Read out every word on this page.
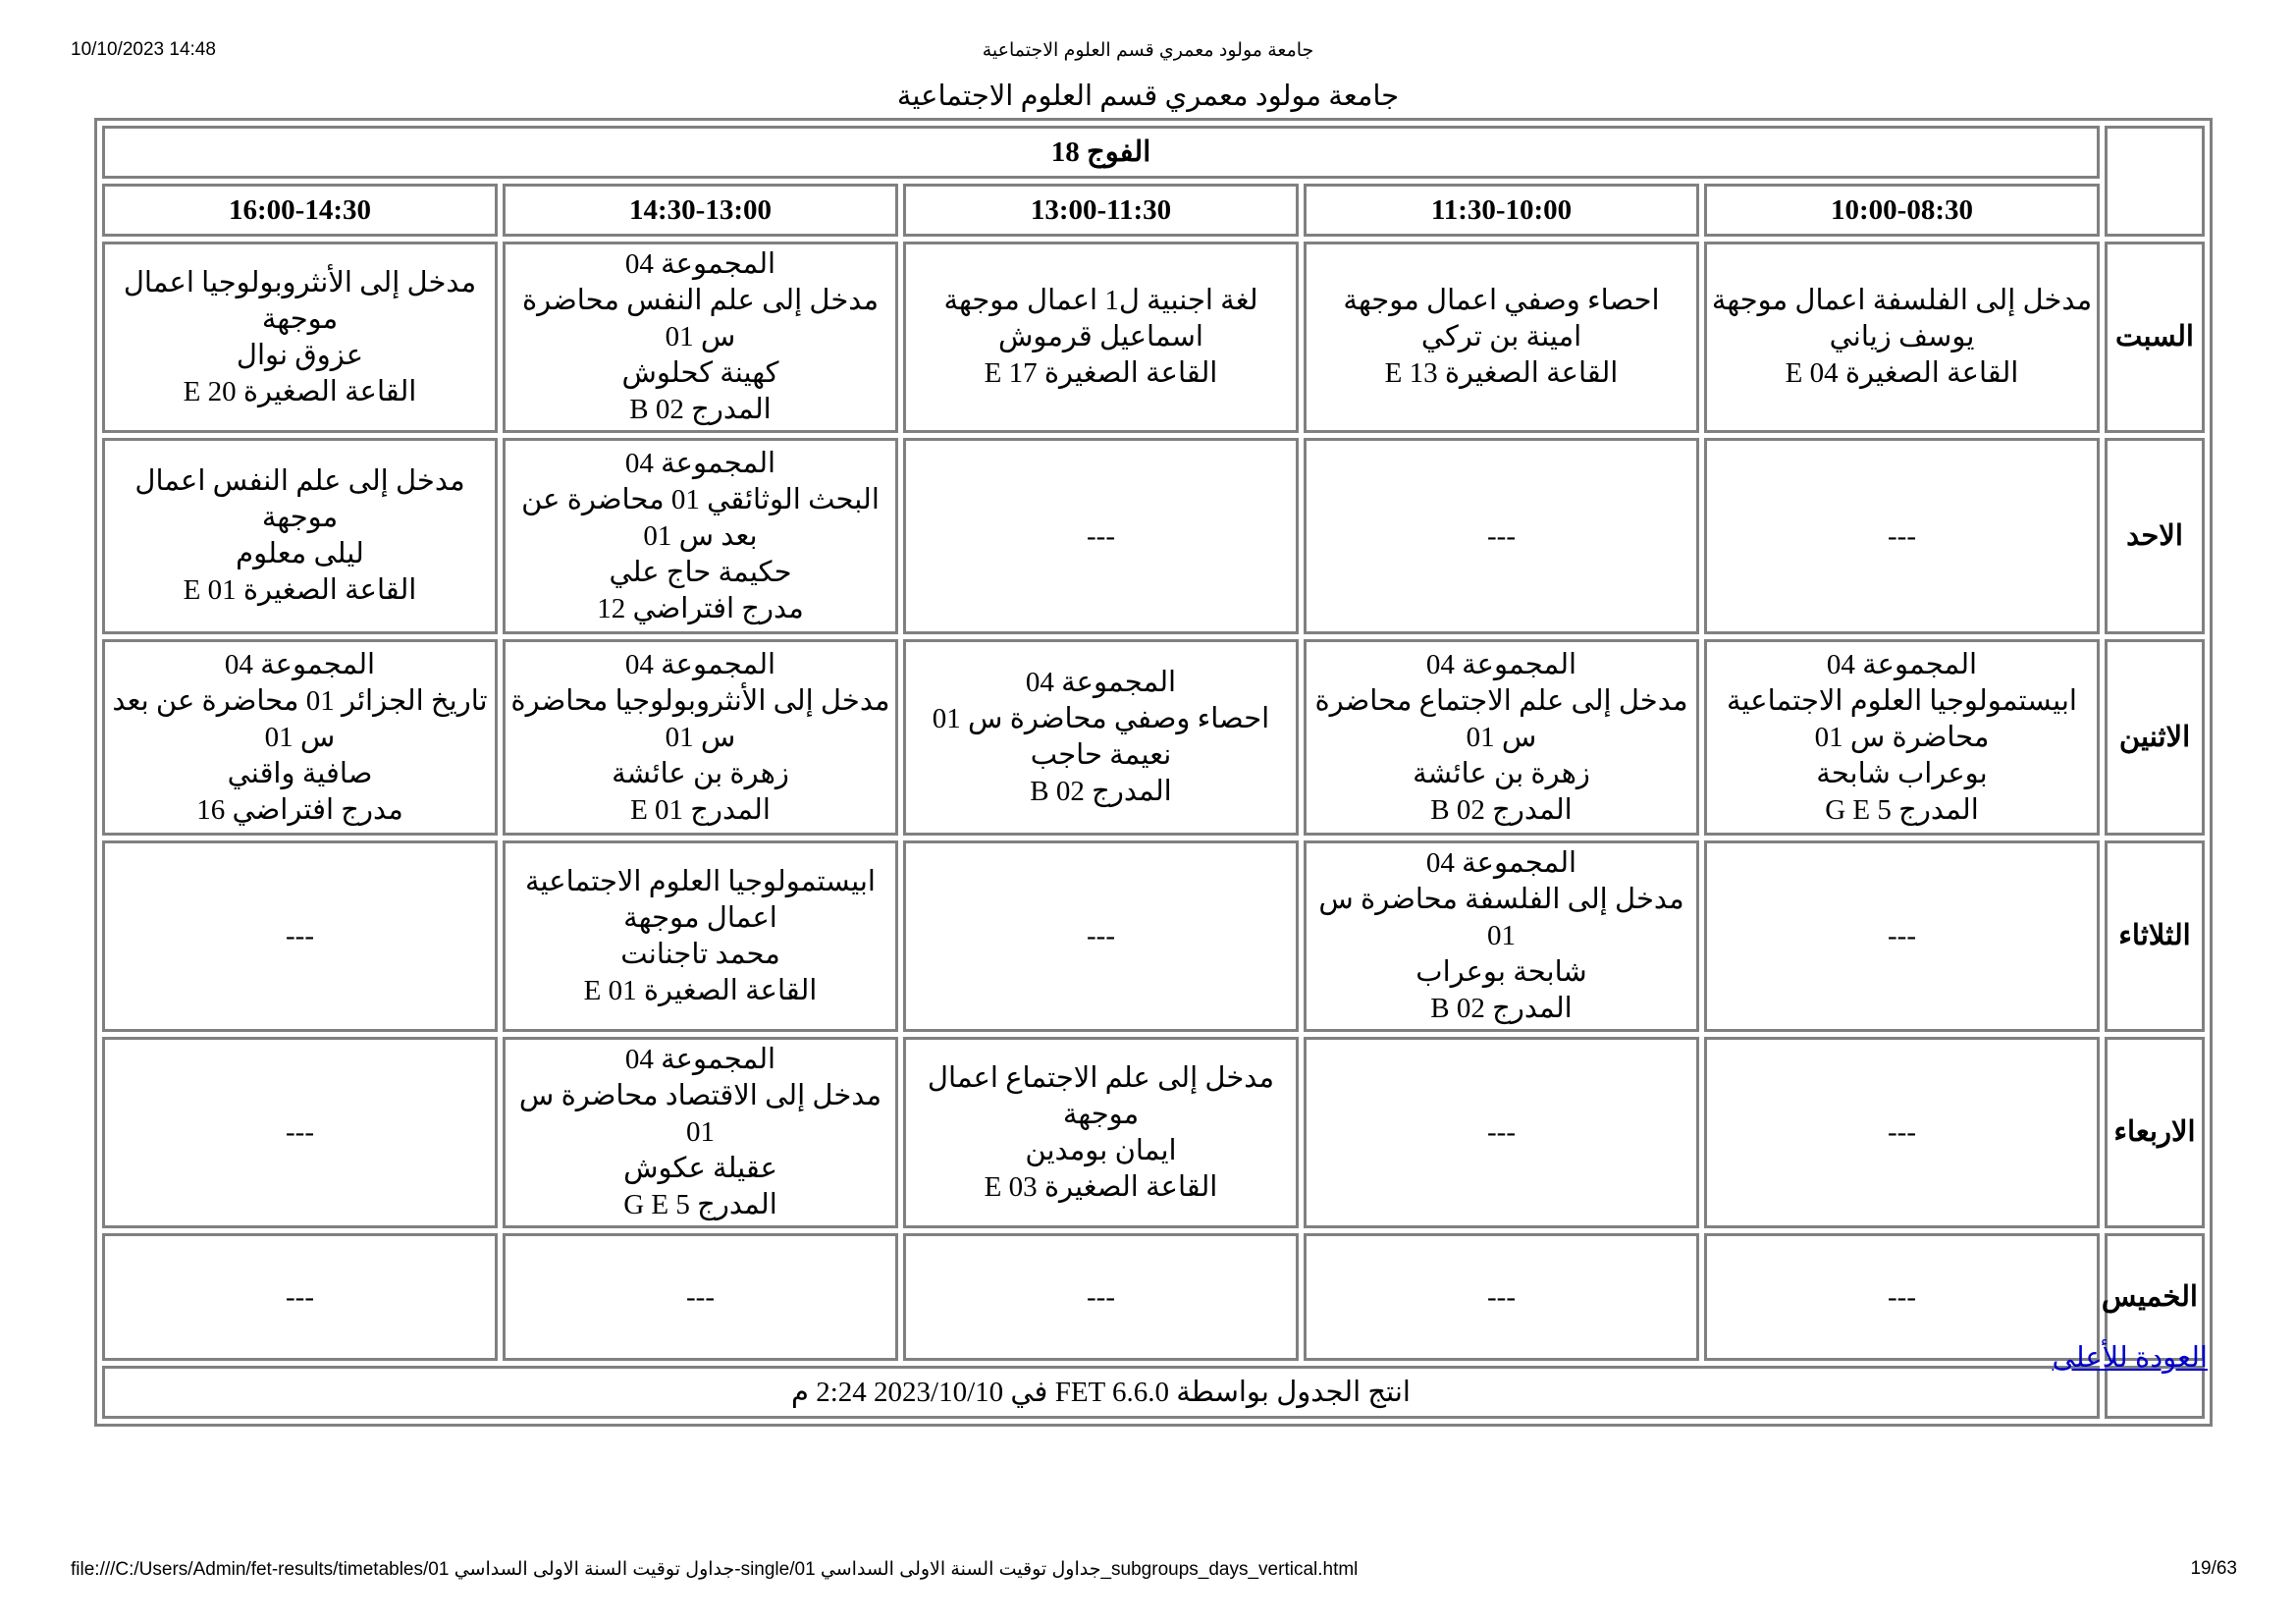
10/10/2023 14:48	جامعة مولود معمري قسم العلوم الاجتماعية
جامعة مولود معمري قسم العلوم الاجتماعية
	الفوج 18				
	10:00-08:30	11:30-10:00	13:00-11:30	14:30-13:00	16:00-14:30
السبت	مدخل إلى الفلسفة اعمال موجهة
يوسف زياني
القاعة الصغيرة 04 E	احصاء وصفي اعمال موجهة
امينة بن تركي
القاعة الصغيرة 13 E	لغة اجنبية ل1 اعمال موجهة
اسماعيل قرموش
القاعة الصغيرة 17 E	المجموعة 04
مدخل إلى علم النفس محاضرة س 01
كهينة كحلوش
المدرج 02 B	مدخل إلى الأنثروبولوجيا اعمال موجهة
عزوق نوال
القاعة الصغيرة 20 E

الاحد	---	---	---	المجموعة 04
البحث الوثائقي 01 محاضرة عن بعد س 01
حكيمة حاج علي
مدرج افتراضي 12	مدخل إلى علم النفس اعمال موجهة
ليلى معلوم
القاعة الصغيرة 01 E

الاثنين	المجموعة 04
ابيستمولوجيا العلوم الاجتماعية محاضرة س 01
بوعراب شابحة
المدرج 5 G E	المجموعة 04
مدخل إلى علم الاجتماع محاضرة س 01
زهرة بن عائشة
المدرج 02 B	المجموعة 04
احصاء وصفي محاضرة س 01
نعيمة حاجب
المدرج 02 B	المجموعة 04
مدخل إلى الأنثروبولوجيا محاضرة س 01
زهرة بن عائشة
المدرج 01 E	المجموعة 04
تاريخ الجزائر 01 محاضرة عن بعد س 01
صافية واقني
مدرج افتراضي 16

الثلاثاء	---	المجموعة 04
مدخل إلى الفلسفة محاضرة س 01
شابحة بوعراب
المدرج 02 B	---	ابيستمولوجيا العلوم الاجتماعية اعمال موجهة
محمد تاجنانت
القاعة الصغيرة 01 E	---

الاربعاء	---	---	مدخل إلى علم الاجتماع اعمال موجهة
ايمان بومدين
القاعة الصغيرة 03 E	المجموعة 04
مدخل إلى الاقتصاد محاضرة س 01
عقيلة عكوش
المدرج 5 G E	---

الخميس	---	---	---	---	---

	انتج الجدول بواسطة FET 6.6.0 في 2023/10/10 2:24 م				
file:///C:/Users/Admin/fet-results/timetables/01 جداول توقيت السنة الاولى السداسي-single/01 جداول توقيت السنة الاولى السداسي_subgroups_days_vertical.html	19/63
العودة للأعلى
